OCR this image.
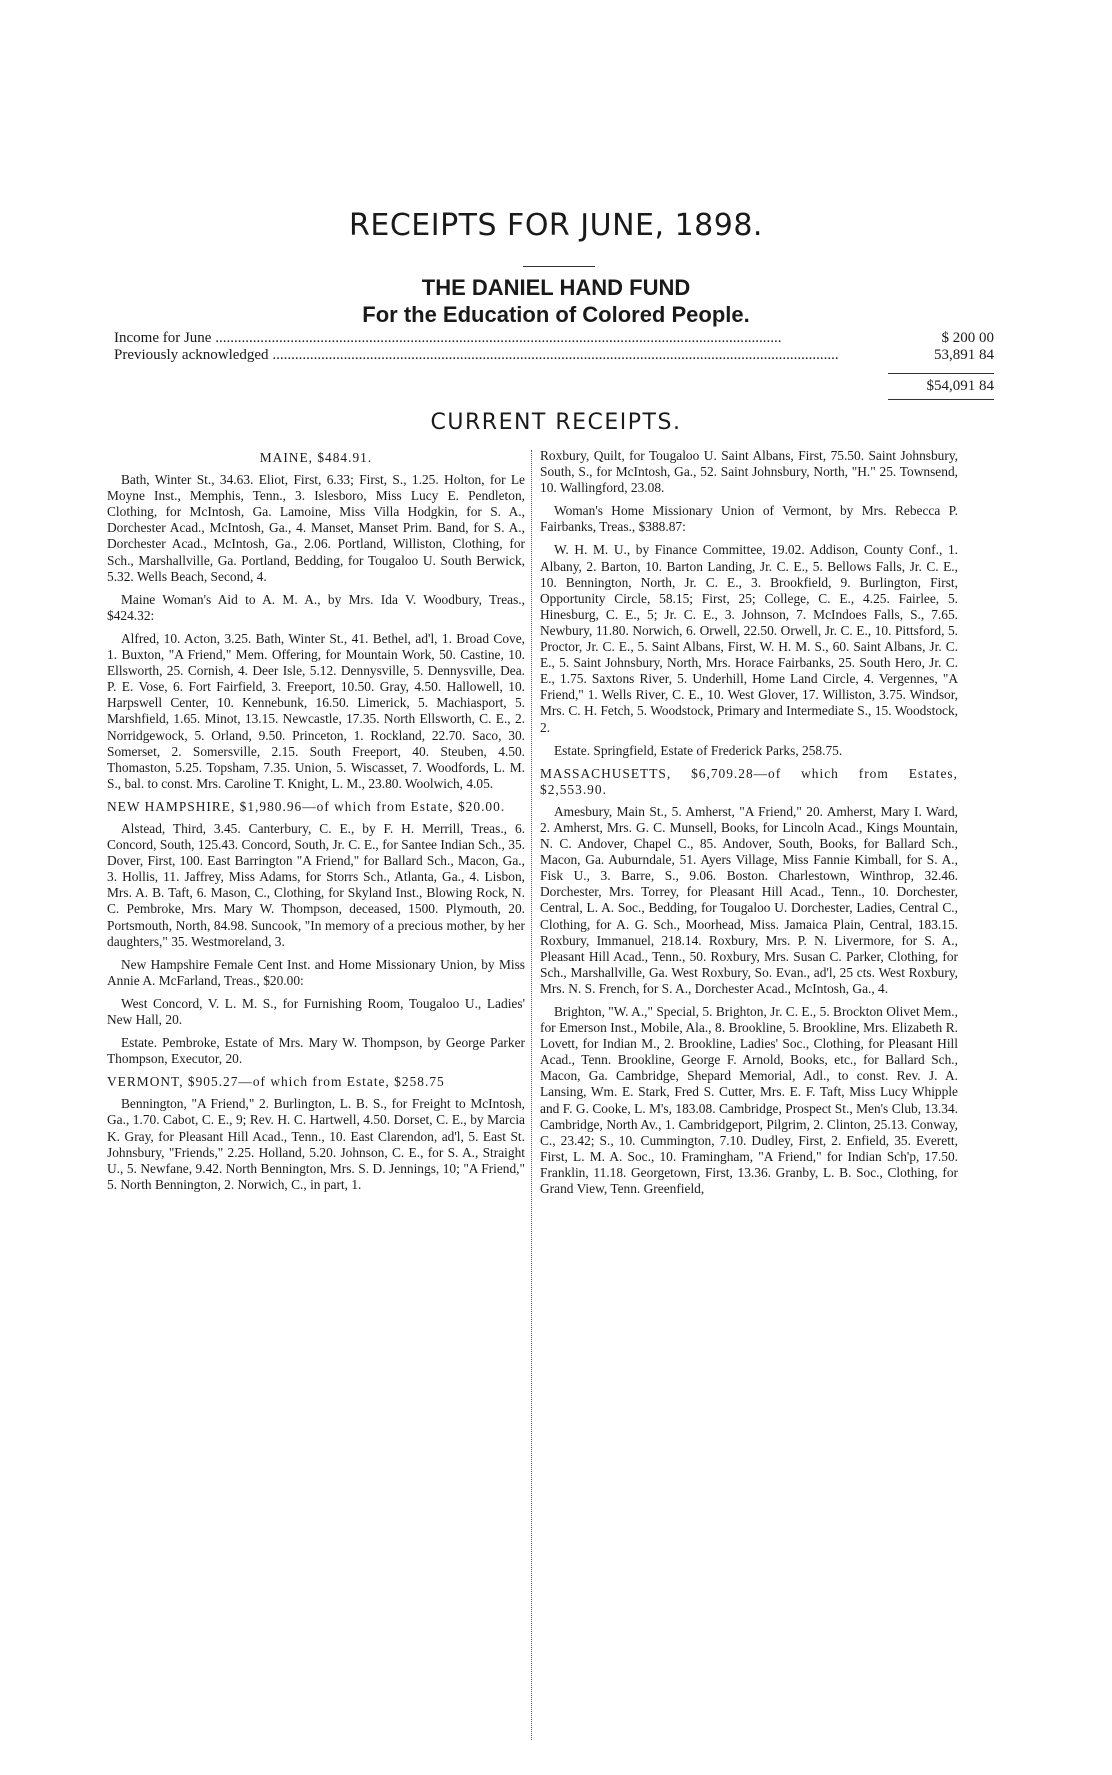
RECEIPTS FOR JUNE, 1898.
THE DANIEL HAND FUND
For the Education of Colored People.
Income for June .......................................................................................................................................................	$ 200 00
Previously acknowledged .......................................................................................................................................................	53,891 84
$54,091 84
CURRENT RECEIPTS.

MAINE, $484.91.

Bath, Winter St., 34.63. Eliot, First, 6.33; First, S., 1.25. Holton, for Le Moyne Inst., Memphis, Tenn., 3. Islesboro, Miss Lucy E. Pendleton, Clothing, for McIntosh, Ga. Lamoine, Miss Villa Hodgkin, for S. A., Dorchester Acad., McIntosh, Ga., 4. Manset, Manset Prim. Band, for S. A., Dorchester Acad., McIntosh, Ga., 2.06. Portland, Williston, Clothing, for Sch., Marshallville, Ga. Portland, Bedding, for Tougaloo U. South Berwick, 5.32. Wells Beach, Second, 4.

Maine Woman's Aid to A. M. A., by Mrs. Ida V. Woodbury, Treas., $424.32:

Alfred, 10. Acton, 3.25. Bath, Winter St., 41. Bethel, ad'l, 1. Broad Cove, 1. Buxton, "A Friend," Mem. Offering, for Mountain Work, 50. Castine, 10. Ellsworth, 25. Cornish, 4. Deer Isle, 5.12. Dennysville, 5. Dennysville, Dea. P. E. Vose, 6. Fort Fairfield, 3. Freeport, 10.50. Gray, 4.50. Hallowell, 10. Harpswell Center, 10. Kennebunk, 16.50. Limerick, 5. Machiasport, 5. Marshfield, 1.65. Minot, 13.15. Newcastle, 17.35. North Ellsworth, C. E., 2. Norridgewock, 5. Orland, 9.50. Princeton, 1. Rockland, 22.70. Saco, 30. Somerset, 2. Somersville, 2.15. South Freeport, 40. Steuben, 4.50. Thomaston, 5.25. Topsham, 7.35. Union, 5. Wiscasset, 7. Woodfords, L. M. S., bal. to const. Mrs. Caroline T. Knight, L. M., 23.80. Woolwich, 4.05.

NEW HAMPSHIRE, $1,980.96—of which from Estate, $20.00.

Alstead, Third, 3.45. Canterbury, C. E., by F. H. Merrill, Treas., 6. Concord, South, 125.43. Concord, South, Jr. C. E., for Santee Indian Sch., 35. Dover, First, 100. East Barrington "A Friend," for Ballard Sch., Macon, Ga., 3. Hollis, 11. Jaffrey, Miss Adams, for Storrs Sch., Atlanta, Ga., 4. Lisbon, Mrs. A. B. Taft, 6. Mason, C., Clothing, for Skyland Inst., Blowing Rock, N. C. Pembroke, Mrs. Mary W. Thompson, deceased, 1500. Plymouth, 20. Portsmouth, North, 84.98. Suncook, "In memory of a precious mother, by her daughters," 35. Westmoreland, 3.

New Hampshire Female Cent Inst. and Home Missionary Union, by Miss Annie A. McFarland, Treas., $20.00:

West Concord, V. L. M. S., for Furnishing Room, Tougaloo U., Ladies' New Hall, 20.

Estate. Pembroke, Estate of Mrs. Mary W. Thompson, by George Parker Thompson, Executor, 20.

VERMONT, $905.27—of which from Estate, $258.75

Bennington, "A Friend," 2. Burlington, L. B. S., for Freight to McIntosh, Ga., 1.70. Cabot, C. E., 9; Rev. H. C. Hartwell, 4.50. Dorset, C. E., by Marcia K. Gray, for Pleasant Hill Acad., Tenn., 10. East Clarendon, ad'l, 5. East St. Johnsbury, "Friends," 2.25. Holland, 5.20. Johnson, C. E., for S. A., Straight U., 5. Newfane, 9.42. North Bennington, Mrs. S. D. Jennings, 10; "A Friend," 5. North Bennington, 2. Norwich, C., in part, 1.

Roxbury, Quilt, for Tougaloo U. Saint Albans, First, 75.50. Saint Johnsbury, South, S., for McIntosh, Ga., 52. Saint Johnsbury, North, "H." 25. Townsend, 10. Wallingford, 23.08.

Woman's Home Missionary Union of Vermont, by Mrs. Rebecca P. Fairbanks, Treas., $388.87:

W. H. M. U., by Finance Committee, 19.02. Addison, County Conf., 1. Albany, 2. Barton, 10. Barton Landing, Jr. C. E., 5. Bellows Falls, Jr. C. E., 10. Bennington, North, Jr. C. E., 3. Brookfield, 9. Burlington, First, Opportunity Circle, 58.15; First, 25; College, C. E., 4.25. Fairlee, 5. Hinesburg, C. E., 5; Jr. C. E., 3. Johnson, 7. McIndoes Falls, S., 7.65. Newbury, 11.80. Norwich, 6. Orwell, 22.50. Orwell, Jr. C. E., 10. Pittsford, 5. Proctor, Jr. C. E., 5. Saint Albans, First, W. H. M. S., 60. Saint Albans, Jr. C. E., 5. Saint Johnsbury, North, Mrs. Horace Fairbanks, 25. South Hero, Jr. C. E., 1.75. Saxtons River, 5. Underhill, Home Land Circle, 4. Vergennes, "A Friend," 1. Wells River, C. E., 10. West Glover, 17. Williston, 3.75. Windsor, Mrs. C. H. Fetch, 5. Woodstock, Primary and Intermediate S., 15. Woodstock, 2.

Estate. Springfield, Estate of Frederick Parks, 258.75.

MASSACHUSETTS, $6,709.28—of which from Estates, $2,553.90.

Amesbury, Main St., 5. Amherst, "A Friend," 20. Amherst, Mary I. Ward, 2. Amherst, Mrs. G. C. Munsell, Books, for Lincoln Acad., Kings Mountain, N. C. Andover, Chapel C., 85. Andover, South, Books, for Ballard Sch., Macon, Ga. Auburndale, 51. Ayers Village, Miss Fannie Kimball, for S. A., Fisk U., 3. Barre, S., 9.06. Boston. Charlestown, Winthrop, 32.46. Dorchester, Mrs. Torrey, for Pleasant Hill Acad., Tenn., 10. Dorchester, Central, L. A. Soc., Bedding, for Tougaloo U. Dorchester, Ladies, Central C., Clothing, for A. G. Sch., Moorhead, Miss. Jamaica Plain, Central, 183.15. Roxbury, Immanuel, 218.14. Roxbury, Mrs. P. N. Livermore, for S. A., Pleasant Hill Acad., Tenn., 50. Roxbury, Mrs. Susan C. Parker, Clothing, for Sch., Marshallville, Ga. West Roxbury, So. Evan., ad'l, 25 cts. West Roxbury, Mrs. N. S. French, for S. A., Dorchester Acad., McIntosh, Ga., 4.

Brighton, "W. A.," Special, 5. Brighton, Jr. C. E., 5. Brockton Olivet Mem., for Emerson Inst., Mobile, Ala., 8. Brookline, 5. Brookline, Mrs. Elizabeth R. Lovett, for Indian M., 2. Brookline, Ladies' Soc., Clothing, for Pleasant Hill Acad., Tenn. Brookline, George F. Arnold, Books, etc., for Ballard Sch., Macon, Ga. Cambridge, Shepard Memorial, Adl., to const. Rev. J. A. Lansing, Wm. E. Stark, Fred S. Cutter, Mrs. E. F. Taft, Miss Lucy Whipple and F. G. Cooke, L. M's, 183.08. Cambridge, Prospect St., Men's Club, 13.34. Cambridge, North Av., 1. Cambridgeport, Pilgrim, 2. Clinton, 25.13. Conway, C., 23.42; S., 10. Cummington, 7.10. Dudley, First, 2. Enfield, 35. Everett, First, L. M. A. Soc., 10. Framingham, "A Friend," for Indian Sch'p, 17.50. Franklin, 11.18. Georgetown, First, 13.36. Granby, L. B. Soc., Clothing, for Grand View, Tenn. Greenfield,
